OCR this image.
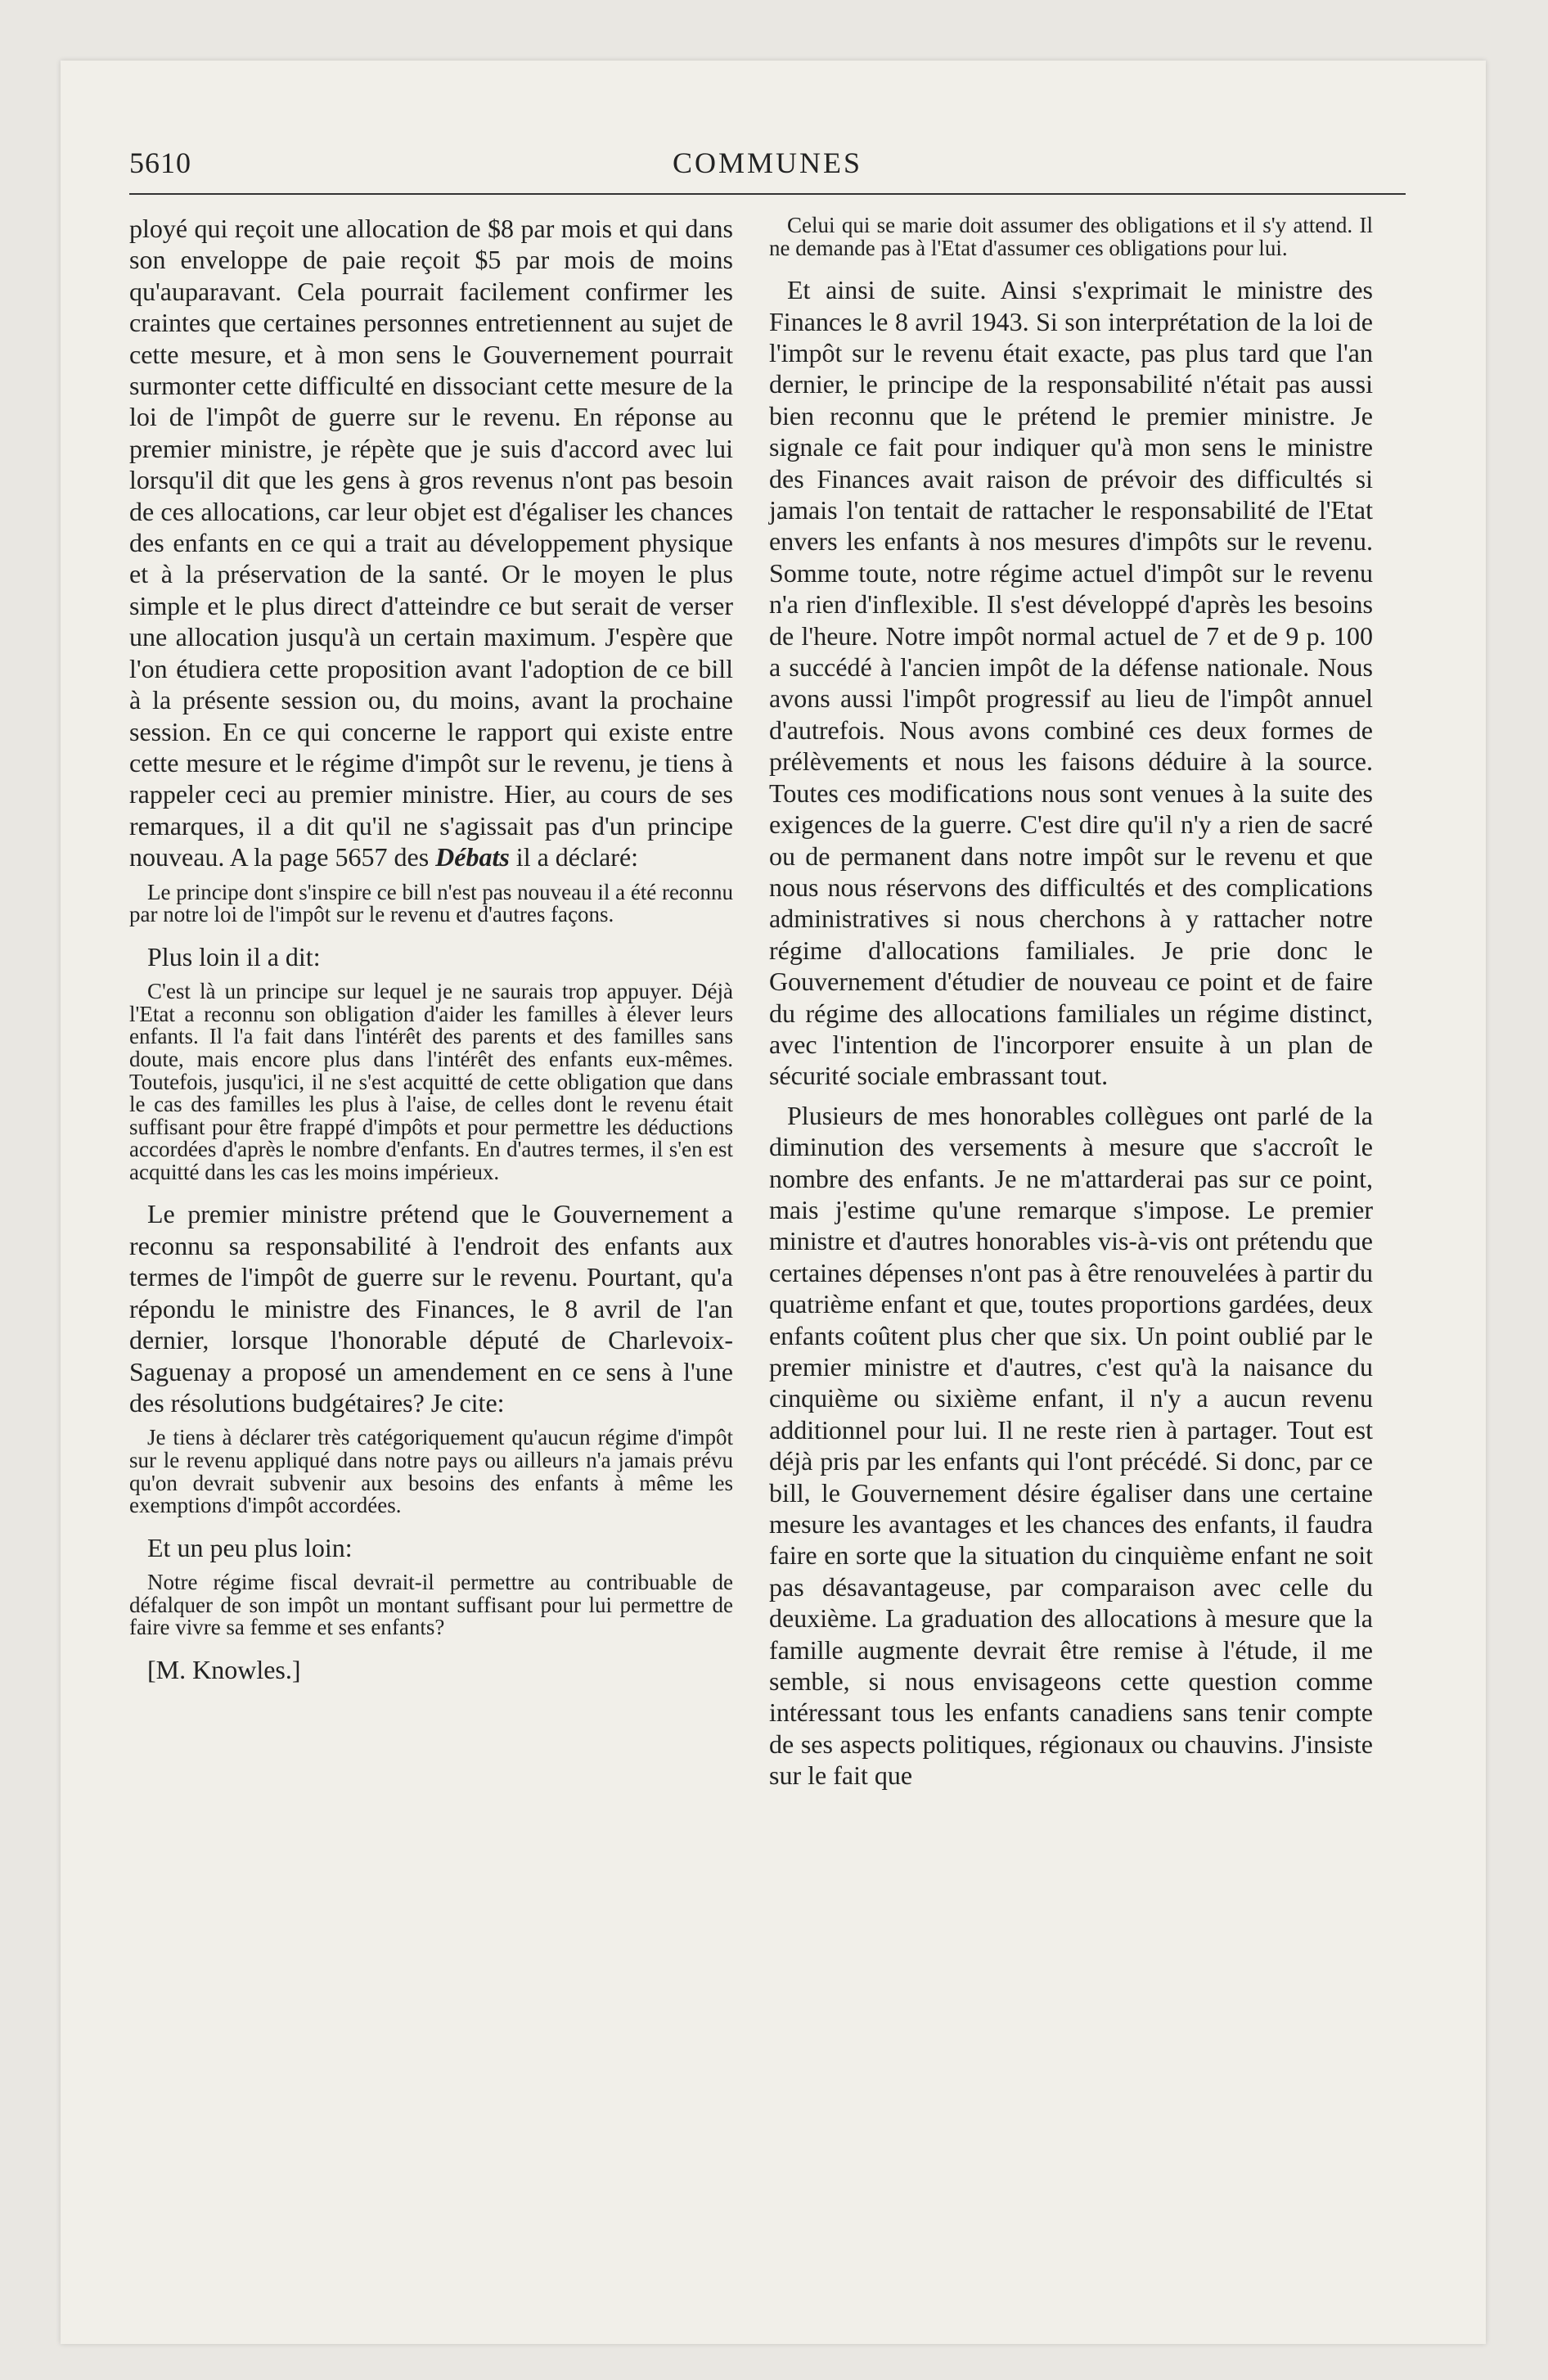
5610	COMMUNES

ployé qui reçoit une allocation de $8 par mois et qui dans son enveloppe de paie reçoit $5 par mois de moins qu'auparavant. Cela pourrait facilement confirmer les craintes que certaines personnes entretiennent au sujet de cette mesure, et à mon sens le Gouvernement pourrait surmonter cette difficulté en dissociant cette mesure de la loi de l'impôt de guerre sur le revenu. En réponse au premier ministre, je répète que je suis d'accord avec lui lorsqu'il dit que les gens à gros revenus n'ont pas besoin de ces allocations, car leur objet est d'égaliser les chances des enfants en ce qui a trait au développement physique et à la préservation de la santé. Or le moyen le plus simple et le plus direct d'atteindre ce but serait de verser une allocation jusqu'à un certain maximum. J'espère que l'on étudiera cette proposition avant l'adoption de ce bill à la présente session ou, du moins, avant la prochaine session. En ce qui concerne le rapport qui existe entre cette mesure et le régime d'impôt sur le revenu, je tiens à rappeler ceci au premier ministre. Hier, au cours de ses remarques, il a dit qu'il ne s'agissait pas d'un principe nouveau. A la page 5657 des Débats il a déclaré:

Le principe dont s'inspire ce bill n'est pas nouveau il a été reconnu par notre loi de l'impôt sur le revenu et d'autres façons.

Plus loin il a dit:

C'est là un principe sur lequel je ne saurais trop appuyer. Déjà l'Etat a reconnu son obligation d'aider les familles à élever leurs enfants. Il l'a fait dans l'intérêt des parents et des familles sans doute, mais encore plus dans l'intérêt des enfants eux-mêmes. Toutefois, jusqu'ici, il ne s'est acquitté de cette obligation que dans le cas des familles les plus à l'aise, de celles dont le revenu était suffisant pour être frappé d'impôts et pour permettre les déductions accordées d'après le nombre d'enfants. En d'autres termes, il s'en est acquitté dans les cas les moins impérieux.

Le premier ministre prétend que le Gouvernement a reconnu sa responsabilité à l'endroit des enfants aux termes de l'impôt de guerre sur le revenu. Pourtant, qu'a répondu le ministre des Finances, le 8 avril de l'an dernier, lorsque l'honorable député de Charlevoix-Saguenay a proposé un amendement en ce sens à l'une des résolutions budgétaires? Je cite:

Je tiens à déclarer très catégoriquement qu'aucun régime d'impôt sur le revenu appliqué dans notre pays ou ailleurs n'a jamais prévu qu'on devrait subvenir aux besoins des enfants à même les exemptions d'impôt accordées.

Et un peu plus loin:

Notre régime fiscal devrait-il permettre au contribuable de défalquer de son impôt un montant suffisant pour lui permettre de faire vivre sa femme et ses enfants?

[M. Knowles.]

Celui qui se marie doit assumer des obligations et il s'y attend. Il ne demande pas à l'Etat d'assumer ces obligations pour lui.

Et ainsi de suite. Ainsi s'exprimait le ministre des Finances le 8 avril 1943. Si son interprétation de la loi de l'impôt sur le revenu était exacte, pas plus tard que l'an dernier, le principe de la responsabilité n'était pas aussi bien reconnu que le prétend le premier ministre. Je signale ce fait pour indiquer qu'à mon sens le ministre des Finances avait raison de prévoir des difficultés si jamais l'on tentait de rattacher le responsabilité de l'Etat envers les enfants à nos mesures d'impôts sur le revenu. Somme toute, notre régime actuel d'impôt sur le revenu n'a rien d'inflexible. Il s'est développé d'après les besoins de l'heure. Notre impôt normal actuel de 7 et de 9 p. 100 a succédé à l'ancien impôt de la défense nationale. Nous avons aussi l'impôt progressif au lieu de l'impôt annuel d'autrefois. Nous avons combiné ces deux formes de prélèvements et nous les faisons déduire à la source. Toutes ces modifications nous sont venues à la suite des exigences de la guerre. C'est dire qu'il n'y a rien de sacré ou de permanent dans notre impôt sur le revenu et que nous nous réservons des difficultés et des complications administratives si nous cherchons à y rattacher notre régime d'allocations familiales. Je prie donc le Gouvernement d'étudier de nouveau ce point et de faire du régime des allocations familiales un régime distinct, avec l'intention de l'incorporer ensuite à un plan de sécurité sociale embrassant tout.

Plusieurs de mes honorables collègues ont parlé de la diminution des versements à mesure que s'accroît le nombre des enfants. Je ne m'attarderai pas sur ce point, mais j'estime qu'une remarque s'impose. Le premier ministre et d'autres honorables vis-à-vis ont prétendu que certaines dépenses n'ont pas à être renouvelées à partir du quatrième enfant et que, toutes proportions gardées, deux enfants coûtent plus cher que six. Un point oublié par le premier ministre et d'autres, c'est qu'à la naisance du cinquième ou sixième enfant, il n'y a aucun revenu additionnel pour lui. Il ne reste rien à partager. Tout est déjà pris par les enfants qui l'ont précédé. Si donc, par ce bill, le Gouvernement désire égaliser dans une certaine mesure les avantages et les chances des enfants, il faudra faire en sorte que la situation du cinquième enfant ne soit pas désavantageuse, par comparaison avec celle du deuxième. La graduation des allocations à mesure que la famille augmente devrait être remise à l'étude, il me semble, si nous envisageons cette question comme intéressant tous les enfants canadiens sans tenir compte de ses aspects politiques, régionaux ou chauvins. J'insiste sur le fait que
